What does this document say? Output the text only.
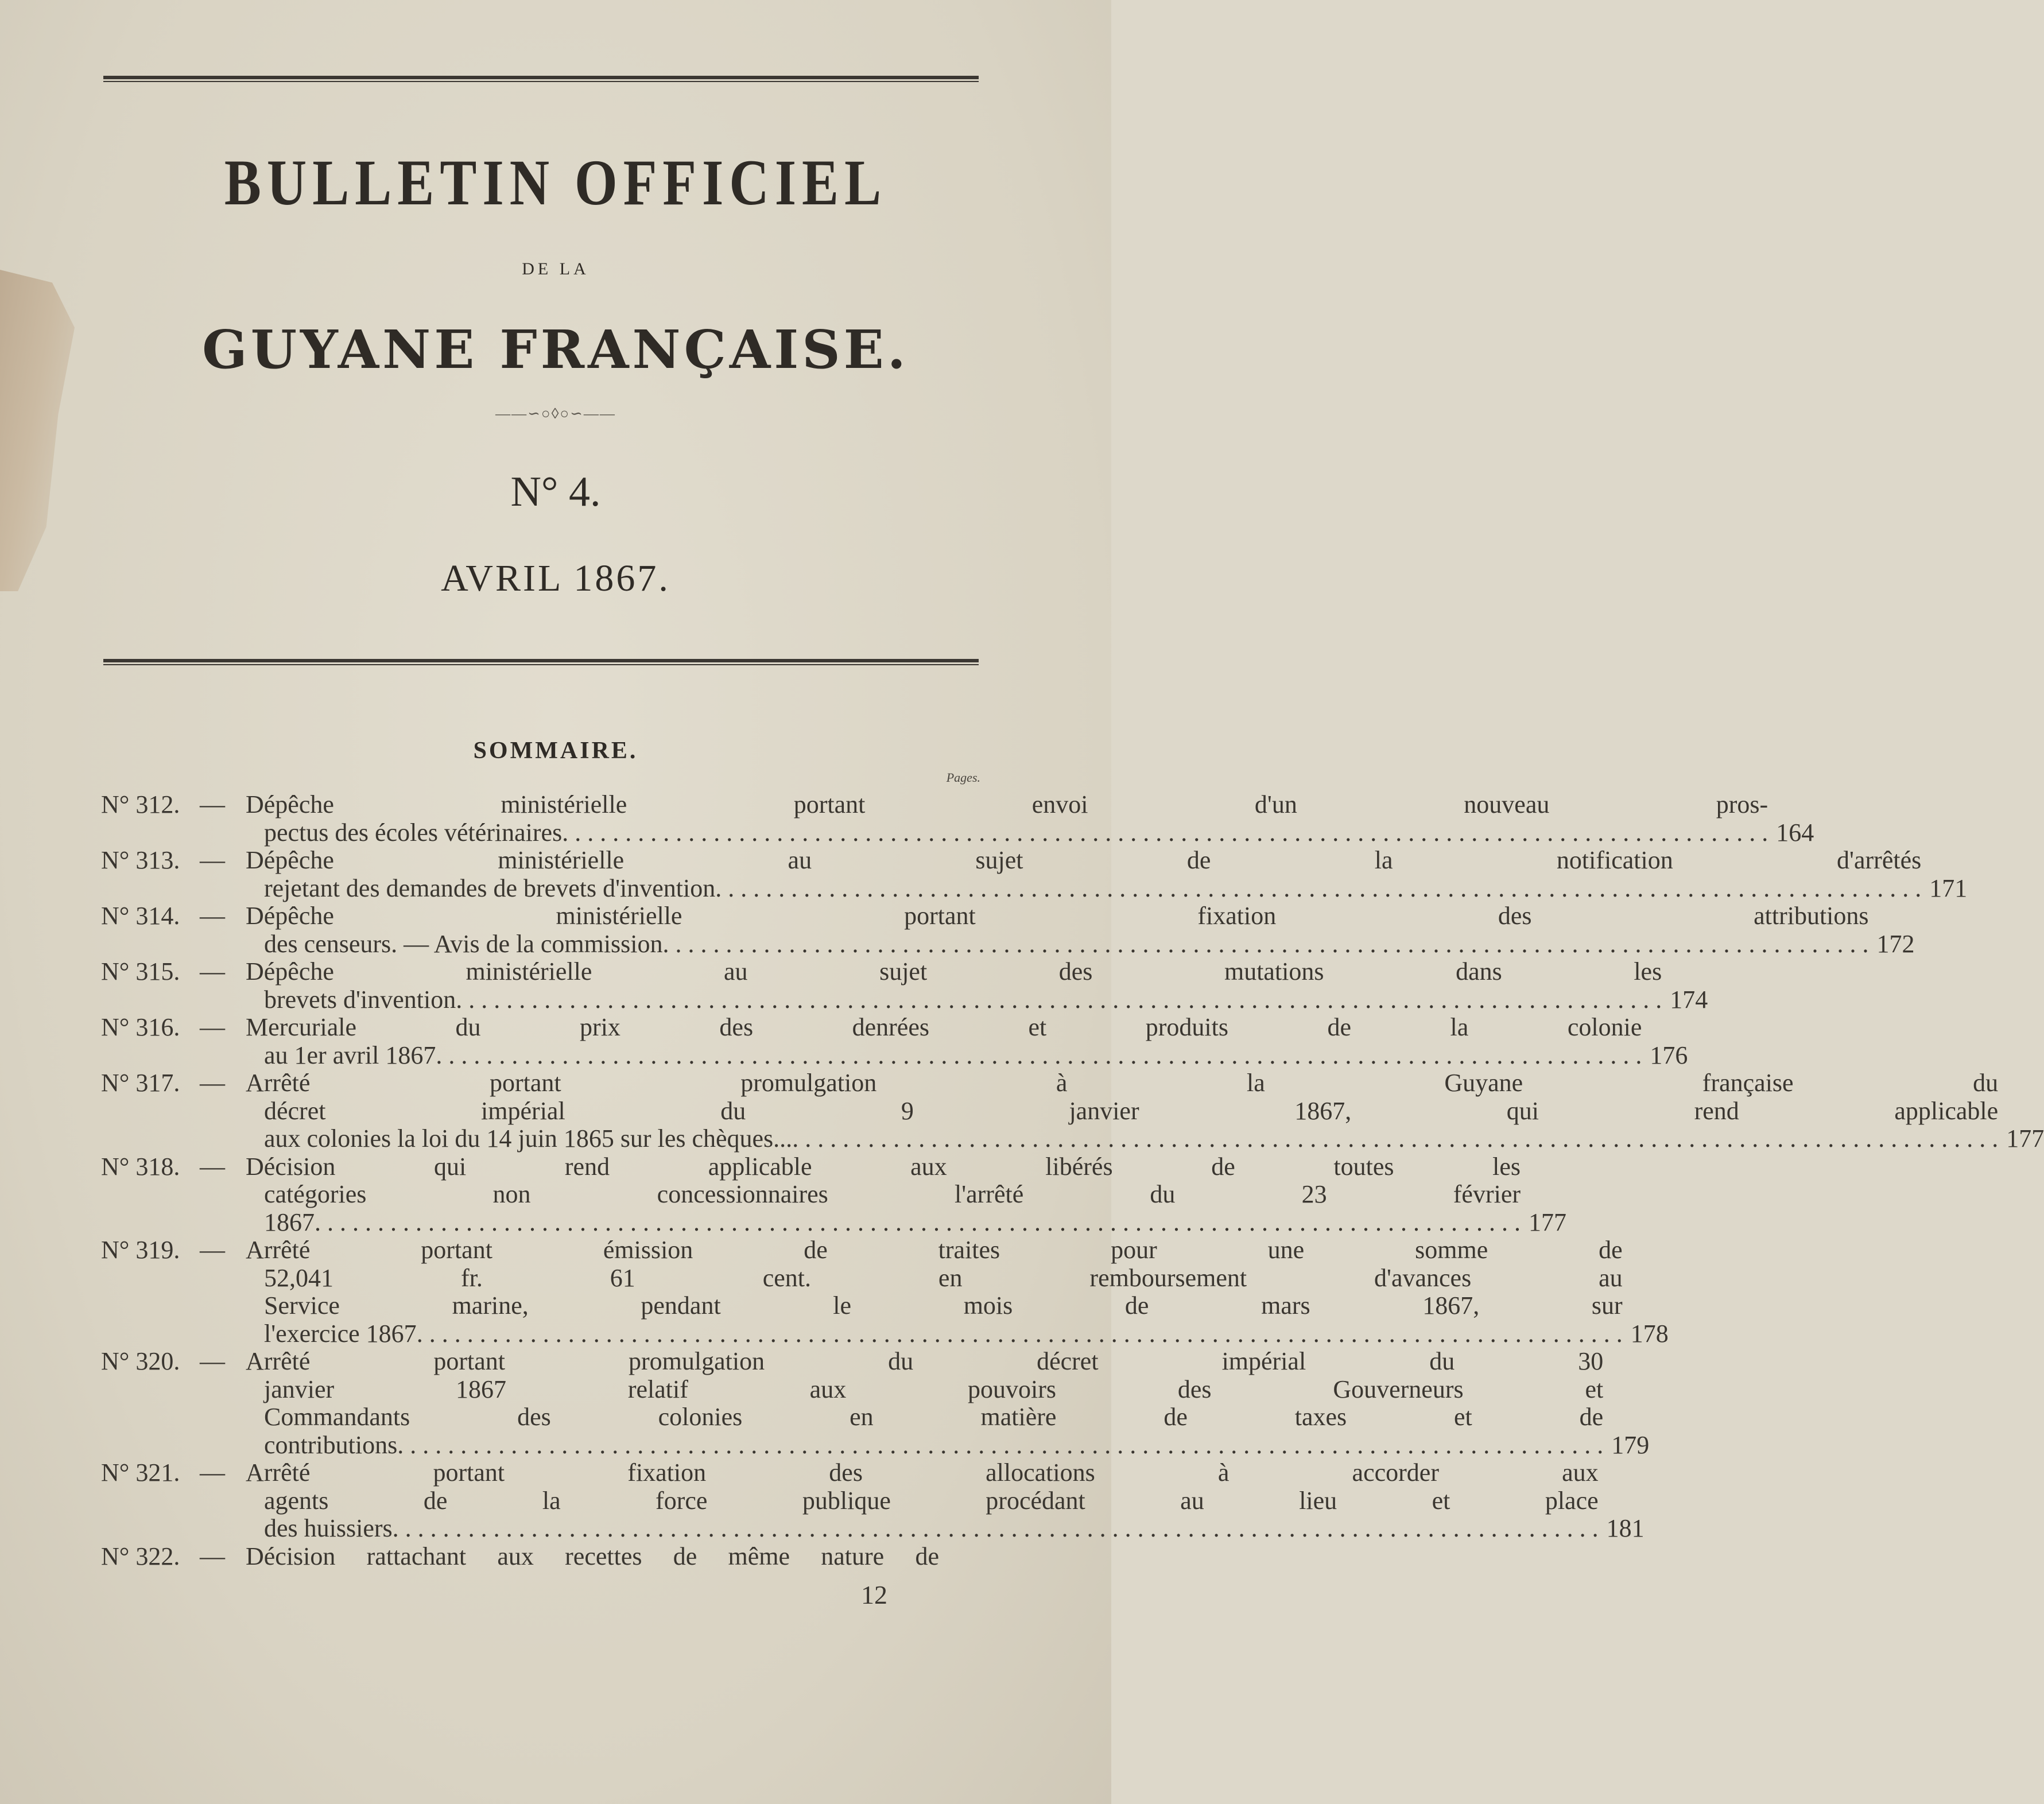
BULLETIN OFFICIEL
DE LA
GUYANE FRANÇAISE.
——∽○◊○∽——
N° 4.
AVRIL 1867.
SOMMAIRE.
Pages.
N° 312. — Dépêche ministérielle portant envoi d'un nouveau pros-
pectus des écoles vétérinaires . . .	164
N° 313. — Dépêche ministérielle au sujet de la notification d'arrêtés
rejetant des demandes de brevets d'invention . . .	171
N° 314. — Dépêche ministérielle portant fixation des attributions
des censeurs. — Avis de la commission . . .	172
N° 315. — Dépêche ministérielle au sujet des mutations dans les
brevets d'invention . . .	174
N° 316. — Mercuriale du prix des denrées et produits de la colonie
au 1er avril 1867 . . .	176
N° 317. — Arrêté portant promulgation à la Guyane française du
décret impérial du 9 janvier 1867, qui rend applicable
aux colonies la loi du 14 juin 1865 sur les chèques... . . .	177
N° 318. — Décision qui rend applicable aux libérés de toutes les
catégories non concessionnaires l'arrêté du 23 février
1867 . . .	177
N° 319. — Arrêté portant émission de traites pour une somme de
52,041 fr. 61 cent. en remboursement d'avances au
Service marine, pendant le mois de mars 1867, sur
l'exercice 1867 . . .	178
N° 320. — Arrêté portant promulgation du décret impérial du 30
janvier 1867 relatif aux pouvoirs des Gouverneurs et
Commandants des colonies en matière de taxes et de
contributions . . .	179
N° 321. — Arrêté portant fixation des allocations à accorder aux
agents de la force publique procédant au lieu et place
des huissiers . . .	181
N° 322. — Décision rattachant aux recettes de même nature de
12
